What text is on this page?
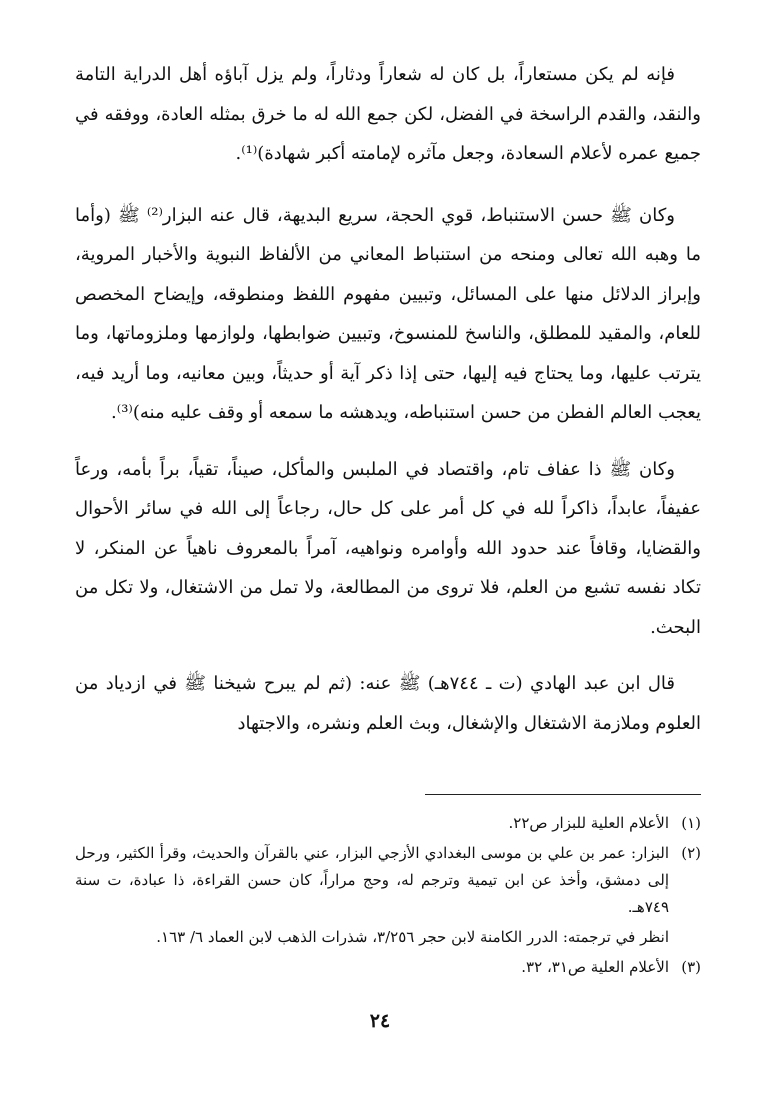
فإنه لم يكن مستعاراً، بل كان له شعاراً ودثاراً، ولم يزل آباؤه أهل الدراية التامة والنقد، والقدم الراسخة في الفضل، لكن جمع الله له ما خرق بمثله العادة، ووفقه في جميع عمره لأعلام السعادة، وجعل مآثره لإمامته أكبر شهادة)⁽¹⁾.

وكان ﷺ حسن الاستنباط، قوي الحجة، سريع البديهة، قال عنه البزار⁽²⁾ ﷺ (وأما ما وهبه الله تعالى ومنحه من استنباط المعاني من الألفاظ النبوية والأخبار المروية، وإبراز الدلائل منها على المسائل، وتبيين مفهوم اللفظ ومنطوقه، وإيضاح المخصص للعام، والمقيد للمطلق، والناسخ للمنسوخ، وتبيين ضوابطها، ولوازمها وملزوماتها، وما يترتب عليها، وما يحتاج فيه إليها، حتى إذا ذكر آية أو حديثاً، وبين معانيه، وما أريد فيه، يعجب العالم الفطن من حسن استنباطه، ويدهشه ما سمعه أو وقف عليه منه)⁽³⁾.

وكان ﷺ ذا عفاف تام، واقتصاد في الملبس والمأكل، صيناً، تقياً، براً بأمه، ورعاً عفيفاً، عابداً، ذاكراً لله في كل أمر على كل حال، رجاعاً إلى الله في سائر الأحوال والقضايا، وقافاً عند حدود الله وأوامره ونواهيه، آمراً بالمعروف ناهياً عن المنكر، لا تكاد نفسه تشبع من العلم، فلا تروى من المطالعة، ولا تمل من الاشتغال، ولا تكل من البحث.

قال ابن عبد الهادي (ت ـ ٧٤٤هـ) ﷺ عنه: (ثم لم يبرح شيخنا ﷺ في ازدياد من العلوم وملازمة الاشتغال والإشغال، وبث العلم ونشره، والاجتهاد

(١)
الأعلام العلية للبزار ص٢٢.
(٢)
البزار: عمر بن علي بن موسى البغدادي الأزجي البزار، عني بالقرآن والحديث، وقرأ الكثير، ورحل إلى دمشق، وأخذ عن ابن تيمية وترجم له، وحج مراراً، كان حسن القراءة، ذا عبادة، ت سنة ٧٤٩هـ.
انظر في ترجمته: الدرر الكامنة لابن حجر ٣/٢٥٦، شذرات الذهب لابن العماد ٦/ ١٦٣.
(٣)
الأعلام العلية ص٣١، ٣٢.
٢٤
